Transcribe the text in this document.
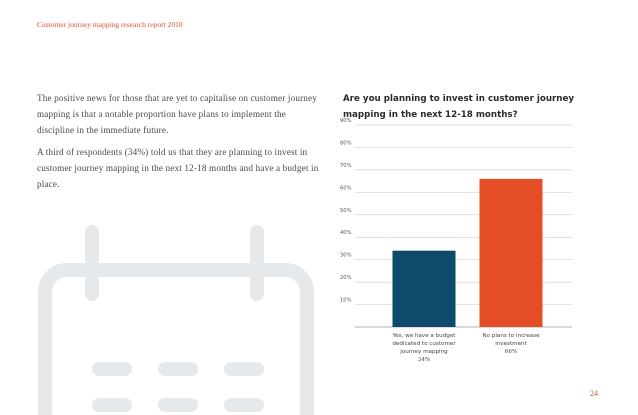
Customer journey mapping research report 2018

The positive news for those that are yet to capitalise on customer journey mapping is that a notable proportion have plans to implement the discipline in the immediate future.

A third of respondents (34%) told us that they are planning to invest in customer journey mapping in the next 12-18 months and have a budget in place.

Are you planning to invest in customer journey mapping in the next 12-18 months?
10%
20%
30%
40%
50%
60%
70%
80%
90%
Yes, we have a budget
dedicated to customer
journey mapping
34%
No plans to increase
investment
66%
24
